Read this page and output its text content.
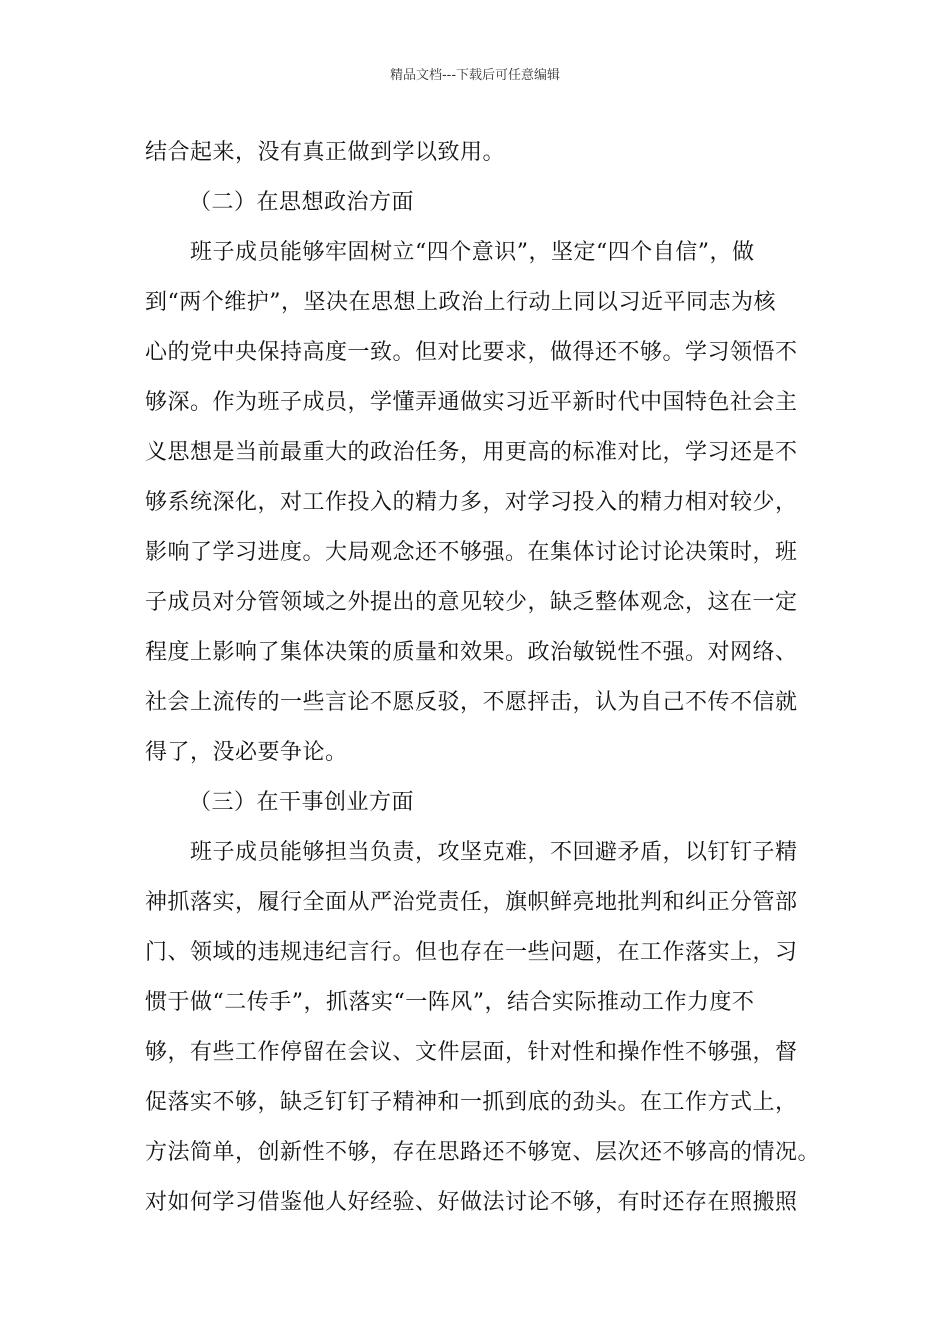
精品文档---下载后可任意编辑
结合起来，没有真正做到学以致用。
（二）在思想政治方面
　　班子成员能够牢固树立“四个意识”，坚定“四个自信”，做
到“两个维护”，坚决在思想上政治上行动上同以习近平同志为核
心的党中央保持高度一致。但对比要求，做得还不够。学习领悟不
够深。作为班子成员，学懂弄通做实习近平新时代中国特色社会主
义思想是当前最重大的政治任务，用更高的标准对比，学习还是不
够系统深化，对工作投入的精力多，对学习投入的精力相对较少，
影响了学习进度。大局观念还不够强。在集体讨论讨论决策时，班
子成员对分管领域之外提出的意见较少，缺乏整体观念，这在一定
程度上影响了集体决策的质量和效果。政治敏锐性不强。对网络、
社会上流传的一些言论不愿反驳，不愿抨击，认为自己不传不信就
得了，没必要争论。
（三）在干事创业方面
　　班子成员能够担当负责，攻坚克难，不回避矛盾，以钉钉子精
神抓落实，履行全面从严治党责任，旗帜鲜亮地批判和纠正分管部
门、领域的违规违纪言行。但也存在一些问题，在工作落实上，习
惯于做“二传手”，抓落实“一阵风”，结合实际推动工作力度不
够，有些工作停留在会议、文件层面，针对性和操作性不够强，督
促落实不够，缺乏钉钉子精神和一抓到底的劲头。在工作方式上，
方法简单，创新性不够，存在思路还不够宽、层次还不够高的情况。
对如何学习借鉴他人好经验、好做法讨论不够，有时还存在照搬照
